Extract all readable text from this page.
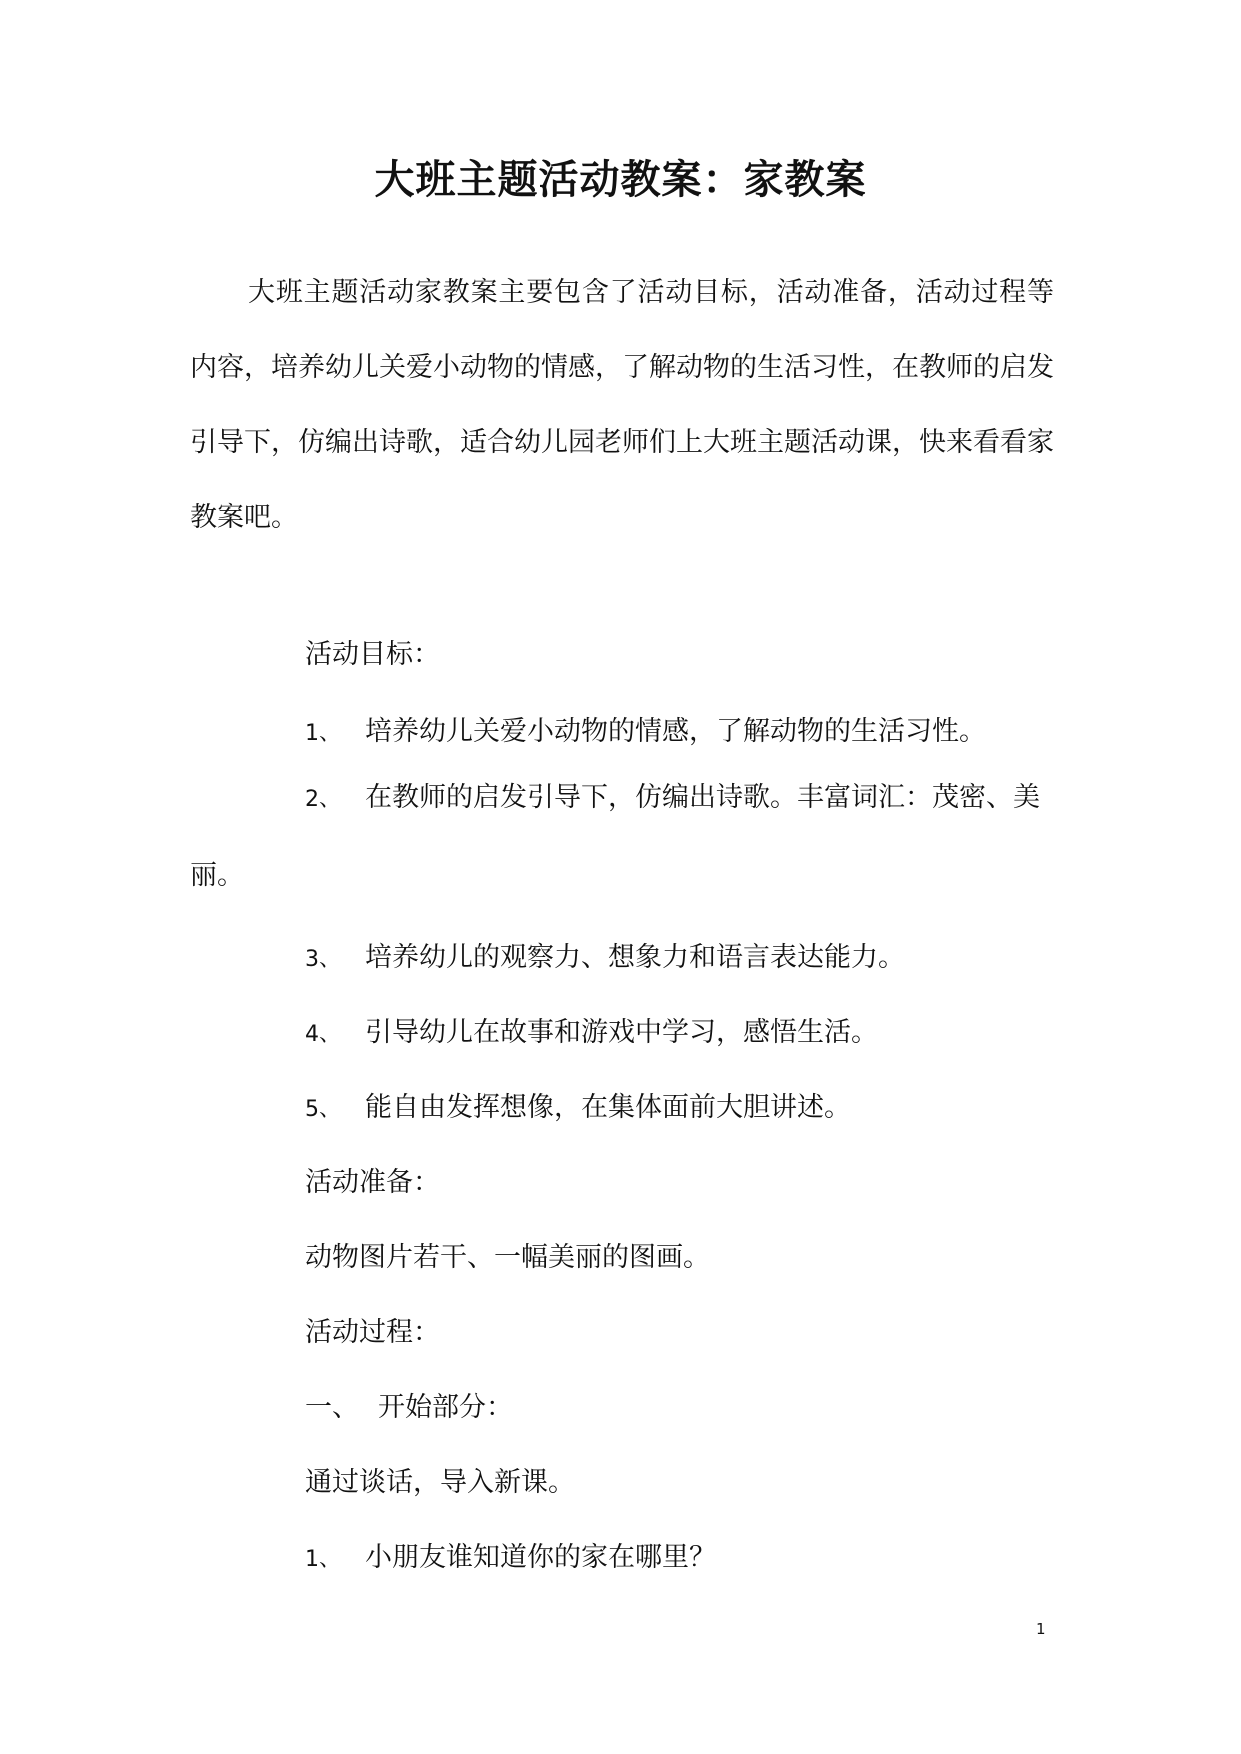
大班主题活动教案：家教案

大班主题活动家教案主要包含了活动目标，活动准备，活动过程等内容，培养幼儿关爱小动物的情感，了解动物的生活习性，在教师的启发引导下，仿编出诗歌，适合幼儿园老师们上大班主题活动课，快来看看家教案吧。

活动目标：
1、 培养幼儿关爱小动物的情感，了解动物的生活习性。

2、 在教师的启发引导下，仿编出诗歌。丰富词汇：茂密、美丽。

3、 培养幼儿的观察力、想象力和语言表达能力。
4、 引导幼儿在故事和游戏中学习，感悟生活。
5、 能自由发挥想像，在集体面前大胆讲述。
活动准备：
动物图片若干、一幅美丽的图画。
活动过程：
一、 开始部分：
通过谈话，导入新课。
1、 小朋友谁知道你的家在哪里？
1
